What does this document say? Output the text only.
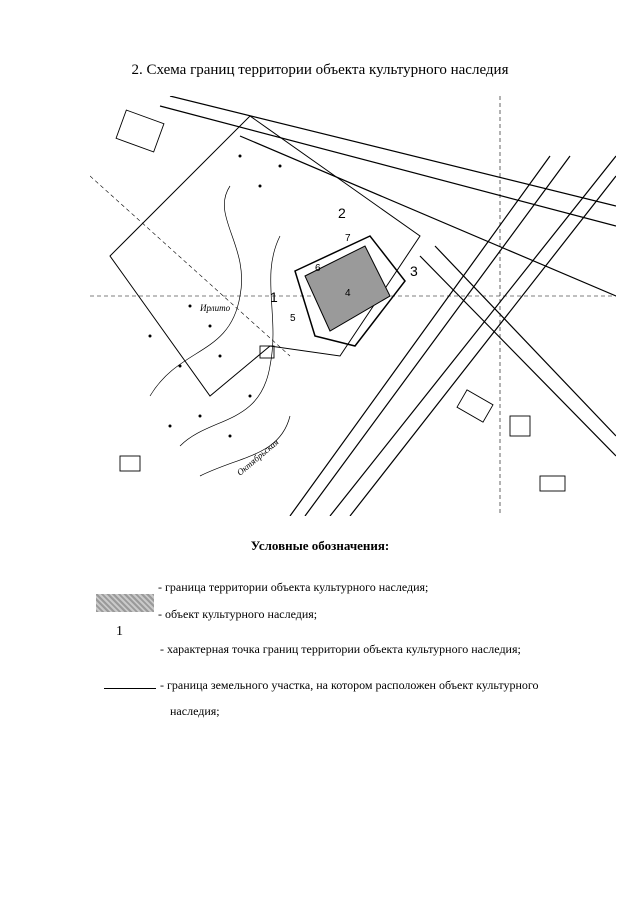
2. Схема границ территории объекта культурного наследия
1
2
3
4
5
6
7
Октябрьская
Ирлито
Условные обозначения:
- граница территории объекта культурного наследия;
- объект культурного наследия;
1
- характерная точка границ территории объекта культурного наследия;
- граница земельного участка, на котором расположен объект культурного
наследия;
